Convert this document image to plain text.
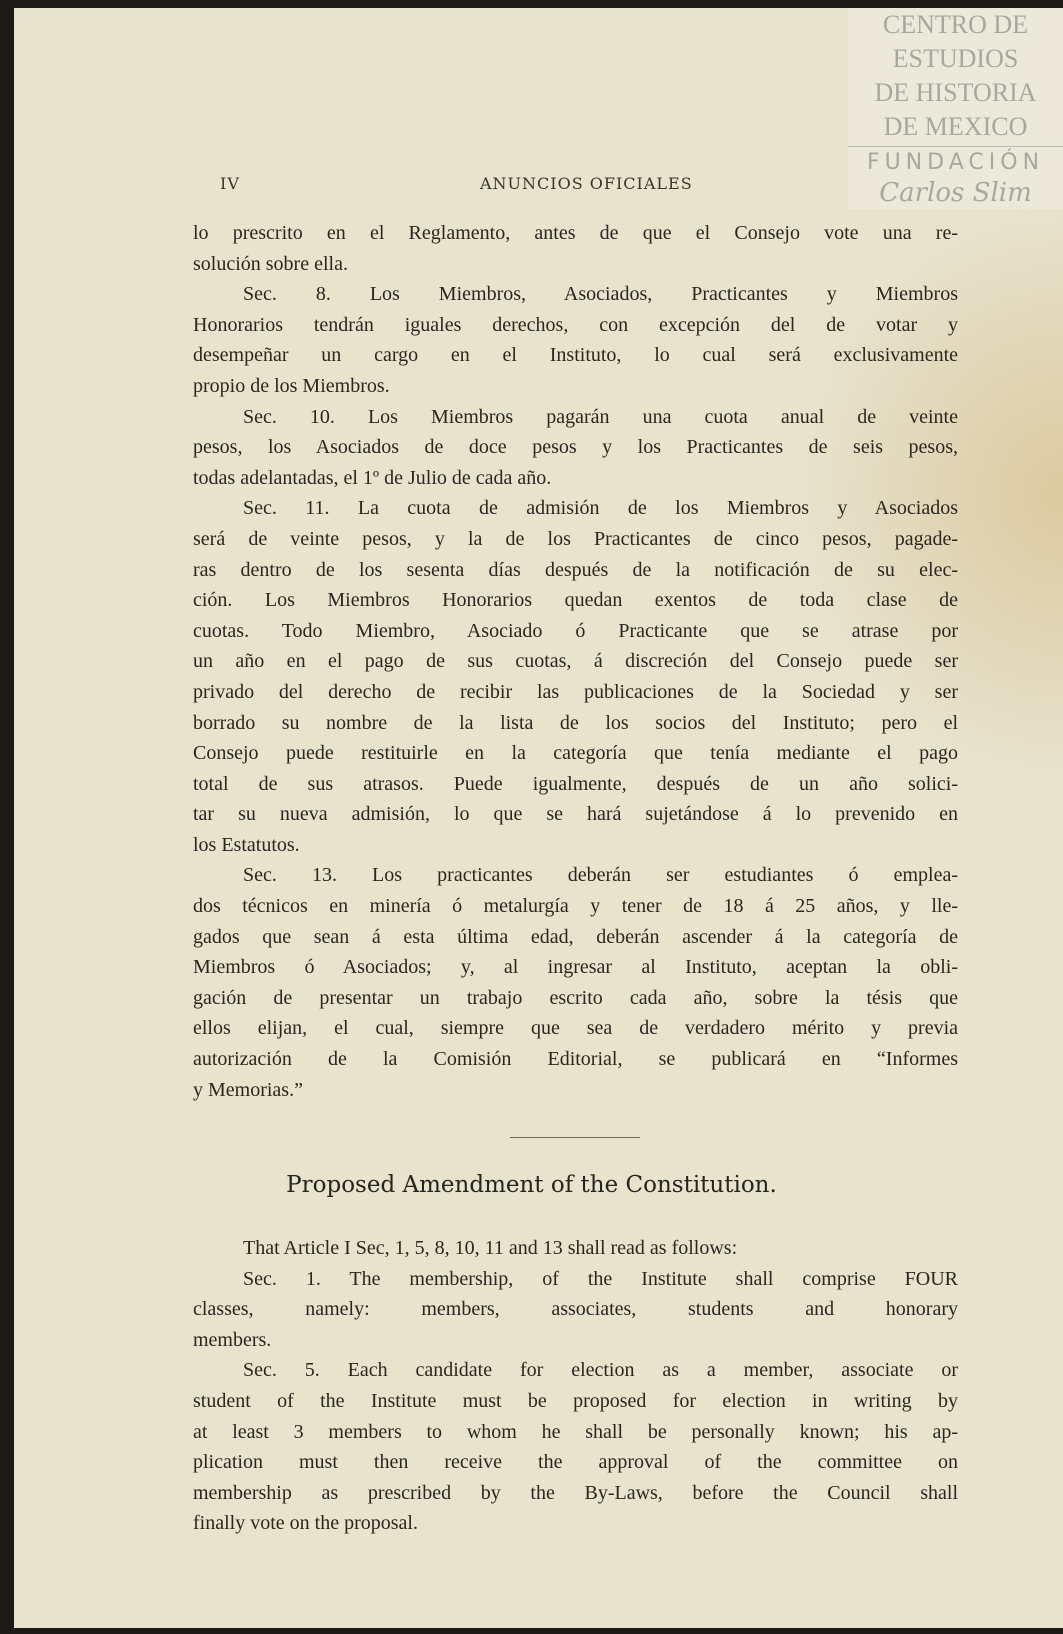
IV	ANUNCIOS OFICIALES
CENTRO DE
ESTUDIOS
DE HISTORIA
DE MEXICO
FUNDACIÓN
Carlos Slim
lo prescrito en el Reglamento, antes de que el Consejo vote una re-
solución sobre ella.
Sec. 8. Los Miembros, Asociados, Practicantes y Miembros
Honorarios tendrán iguales derechos, con excepción del de votar y
desempeñar un cargo en el Instituto, lo cual será exclusivamente
propio de los Miembros.
Sec. 10. Los Miembros pagarán una cuota anual de veinte
pesos, los Asociados de doce pesos y los Practicantes de seis pesos,
todas adelantadas, el 1º de Julio de cada año.
Sec. 11. La cuota de admisión de los Miembros y Asociados
será de veinte pesos, y la de los Practicantes de cinco pesos, pagade-
ras dentro de los sesenta días después de la notificación de su elec-
ción. Los Miembros Honorarios quedan exentos de toda clase de
cuotas. Todo Miembro, Asociado ó Practicante que se atrase por
un año en el pago de sus cuotas, á discreción del Consejo puede ser
privado del derecho de recibir las publicaciones de la Sociedad y ser
borrado su nombre de la lista de los socios del Instituto; pero el
Consejo puede restituirle en la categoría que tenía mediante el pago
total de sus atrasos. Puede igualmente, después de un año solici-
tar su nueva admisión, lo que se hará sujetándose á lo prevenido en
los Estatutos.
Sec. 13. Los practicantes deberán ser estudiantes ó emplea-
dos técnicos en minería ó metalurgía y tener de 18 á 25 años, y lle-
gados que sean á esta última edad, deberán ascender á la categoría de
Miembros ó Asociados; y, al ingresar al Instituto, aceptan la obli-
gación de presentar un trabajo escrito cada año, sobre la tésis que
ellos elijan, el cual, siempre que sea de verdadero mérito y previa
autorización de la Comisión Editorial, se publicará en “Informes
y Memorias.”
Proposed Amendment of the Constitution.
That Article I Sec, 1, 5, 8, 10, 11 and 13 shall read as follows:
Sec. 1. The membership, of the Institute shall comprise FOUR
classes, namely: members, associates, students and honorary
members.
Sec. 5. Each candidate for election as a member, associate or
student of the Institute must be proposed for election in writing by
at least 3 members to whom he shall be personally known; his ap-
plication must then receive the approval of the committee on
membership as prescribed by the By-Laws, before the Council shall
finally vote on the proposal.
